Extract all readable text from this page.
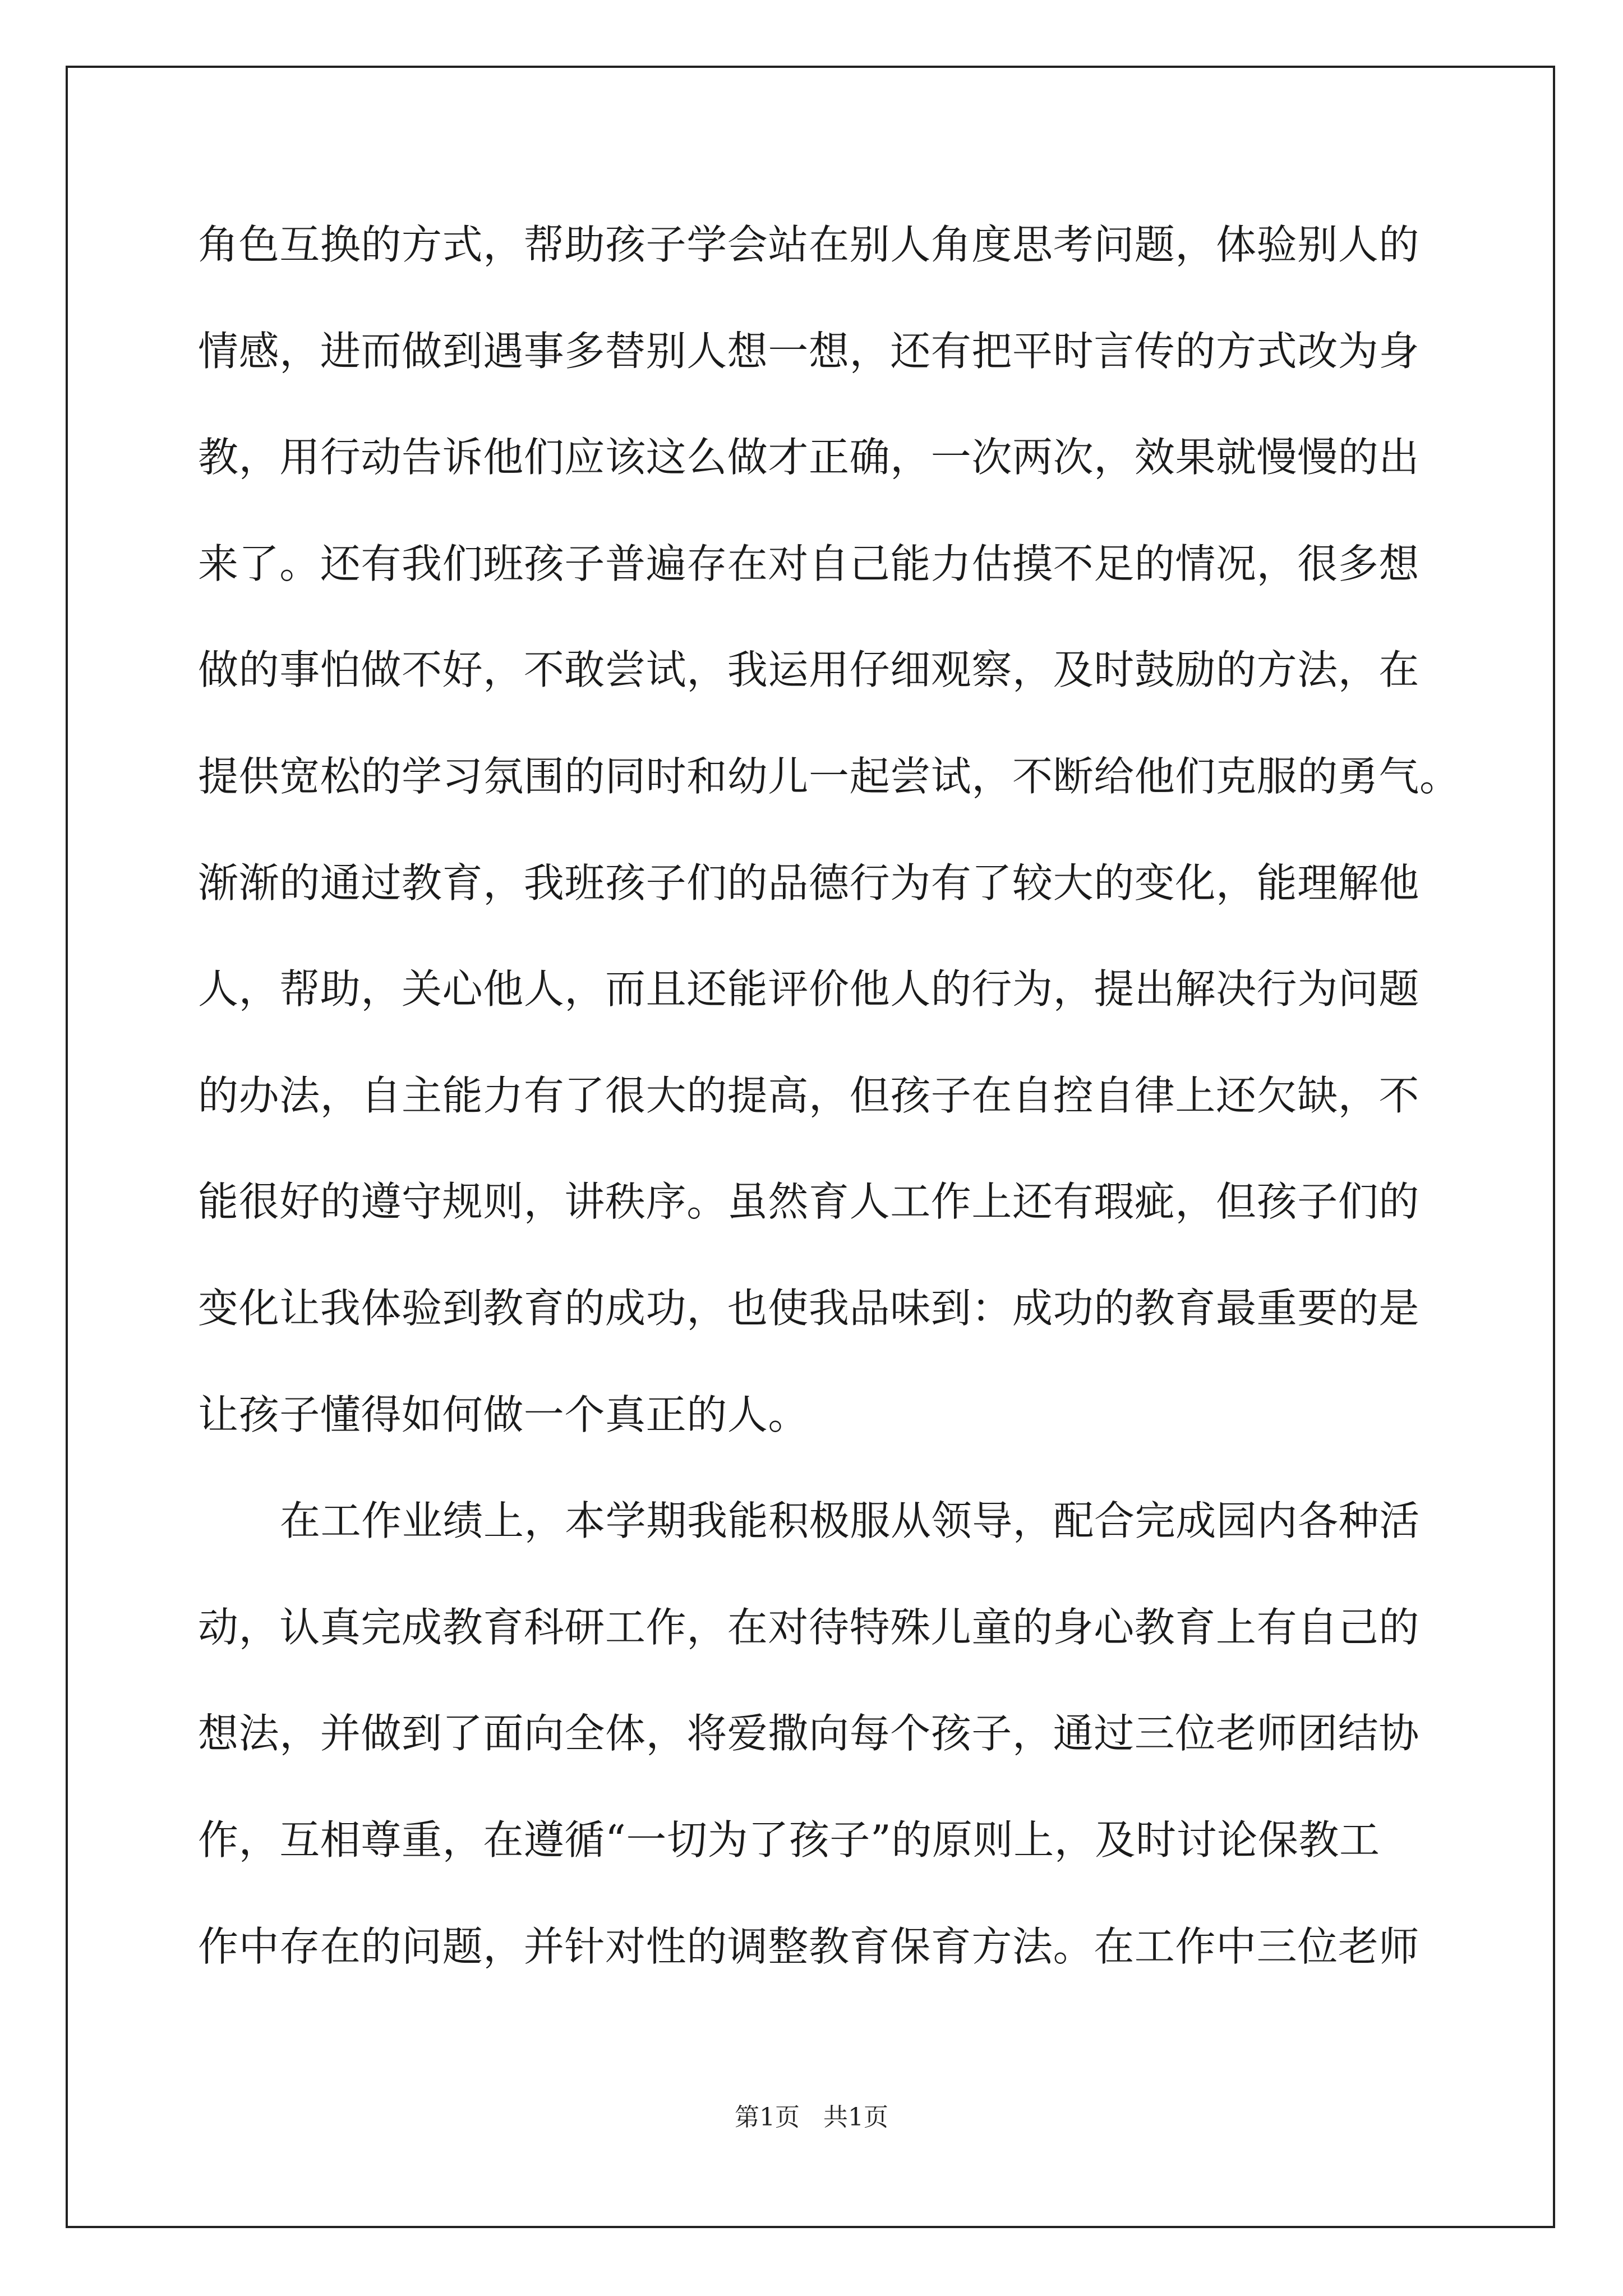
角色互换的方式，帮助孩子学会站在别人角度思考问题，体验别人的
情感，进而做到遇事多替别人想一想，还有把平时言传的方式改为身
教，用行动告诉他们应该这么做才正确，一次两次，效果就慢慢的出
来了。还有我们班孩子普遍存在对自己能力估摸不足的情况，很多想
做的事怕做不好，不敢尝试，我运用仔细观察，及时鼓励的方法，在
提供宽松的学习氛围的同时和幼儿一起尝试，不断给他们克服的勇气。
渐渐的通过教育，我班孩子们的品德行为有了较大的变化，能理解他
人，帮助，关心他人，而且还能评价他人的行为，提出解决行为问题
的办法，自主能力有了很大的提高，但孩子在自控自律上还欠缺，不
能很好的遵守规则，讲秩序。虽然育人工作上还有瑕疵，但孩子们的
变化让我体验到教育的成功，也使我品味到：成功的教育最重要的是
让孩子懂得如何做一个真正的人。
在工作业绩上，本学期我能积极服从领导，配合完成园内各种活
动，认真完成教育科研工作，在对待特殊儿童的身心教育上有自己的
想法，并做到了面向全体，将爱撒向每个孩子，通过三位老师团结协
作，互相尊重，在遵循“一切为了孩子”的原则上，及时讨论保教工
作中存在的问题，并针对性的调整教育保育方法。在工作中三位老师
第1页   共1页
